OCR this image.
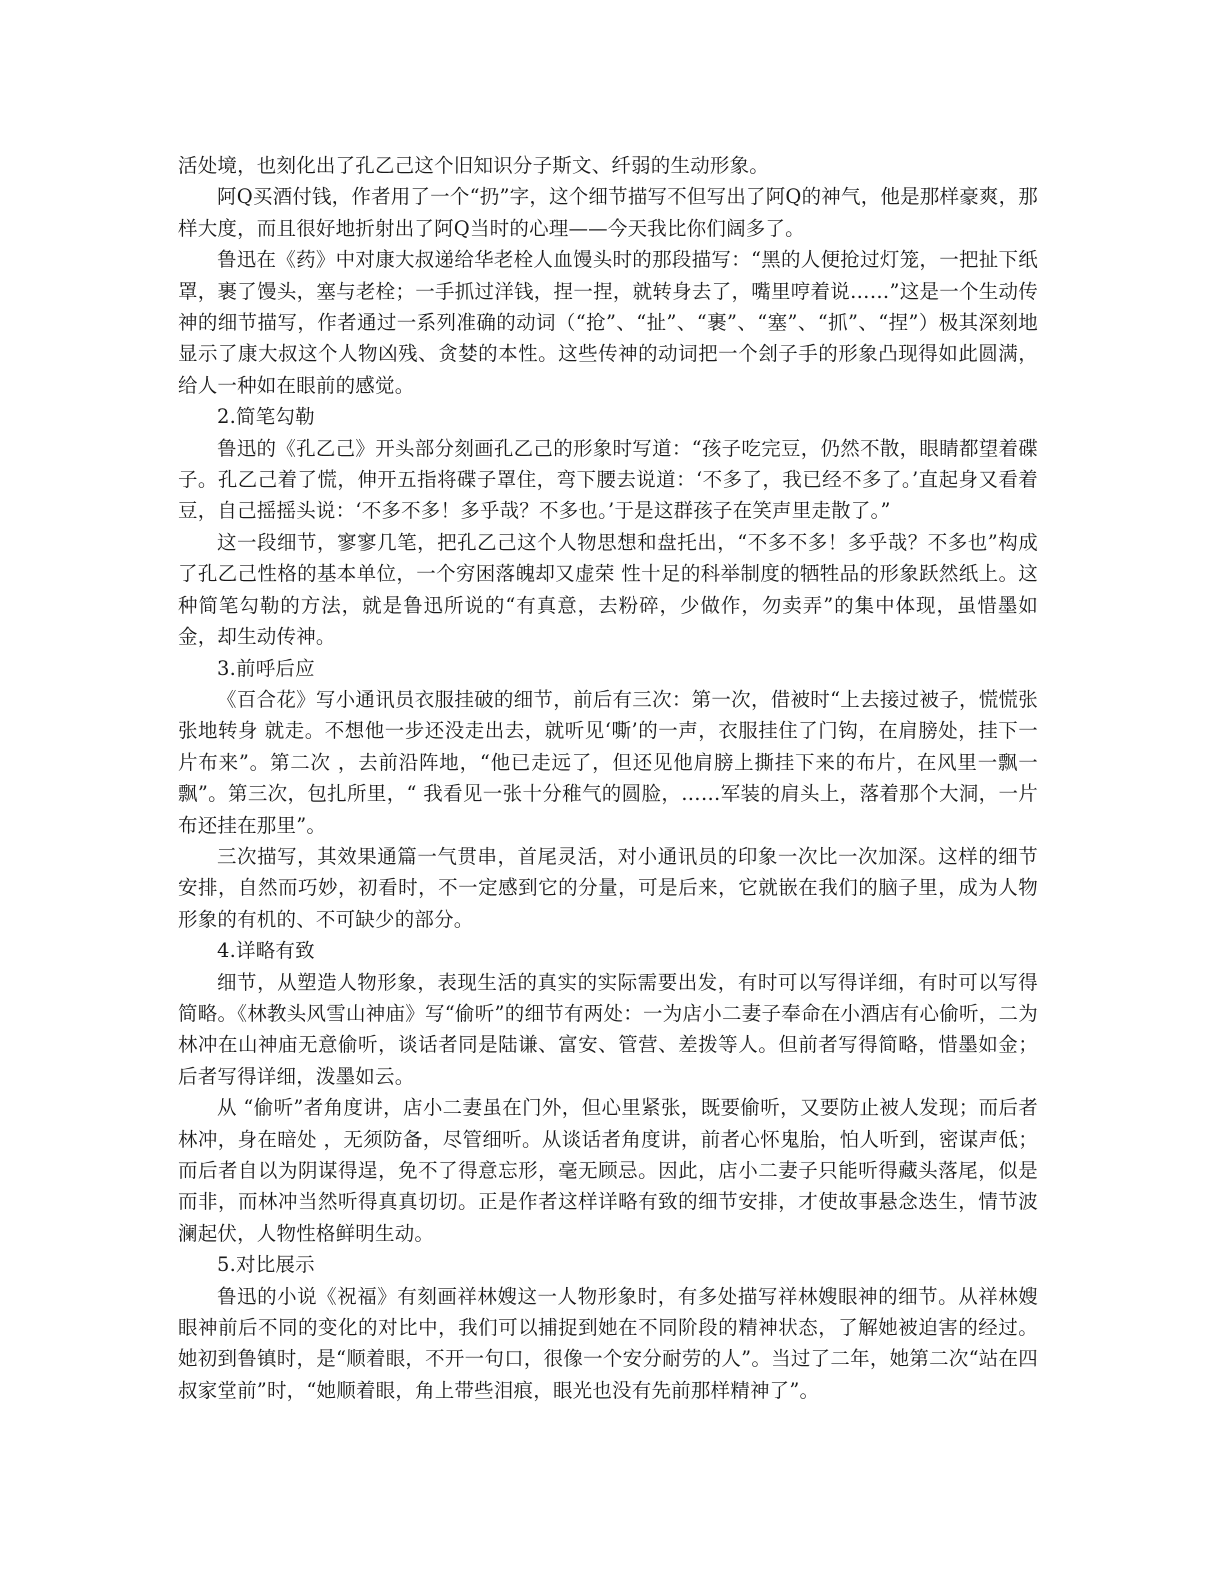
活处境，也刻化出了孔乙己这个旧知识分子斯文、纤弱的生动形象。

阿Q买酒付钱，作者用了一个“扔”字，这个细节描写不但写出了阿Q的神气，他是那样豪爽，那样大度，而且很好地折射出了阿Q当时的心理——今天我比你们阔多了。

鲁迅在《药》中对康大叔递给华老栓人血馒头时的那段描写：“黑的人便抢过灯笼，一把扯下纸罩，裹了馒头，塞与老栓；一手抓过洋钱，捏一捏，就转身去了，嘴里哼着说……”这是一个生动传神的细节描写，作者通过一系列准确的动词（“抢”、“扯”、“裹”、“塞”、“抓”、“捏”）极其深刻地显示了康大叔这个人物凶残、贪婪的本性。这些传神的动词把一个刽子手的形象凸现得如此圆满，给人一种如在眼前的感觉。

2.简笔勾勒

鲁迅的《孔乙己》开头部分刻画孔乙己的形象时写道：“孩子吃完豆，仍然不散，眼睛都望着碟子。孔乙己着了慌，伸开五指将碟子罩住，弯下腰去说道：‘不多了，我已经不多了。’直起身又看着豆，自己摇摇头说：‘不多不多！多乎哉？不多也。’于是这群孩子在笑声里走散了。”

这一段细节，寥寥几笔，把孔乙己这个人物思想和盘托出，“不多不多！多乎哉？不多也”构成了孔乙己性格的基本单位，一个穷困落魄却又虚荣 性十足的科举制度的牺牲品的形象跃然纸上。这种简笔勾勒的方法，就是鲁迅所说的“有真意，去粉碎，少做作，勿卖弄”的集中体现，虽惜墨如金，却生动传神。

3.前呼后应

《百合花》写小通讯员衣服挂破的细节，前后有三次：第一次，借被时“上去接过被子，慌慌张张地转身 就走。不想他一步还没走出去，就听见‘嘶’的一声，衣服挂住了门钩，在肩膀处，挂下一片布来”。第二次 ，去前沿阵地，“他已走远了，但还见他肩膀上撕挂下来的布片，在风里一飘一飘”。第三次，包扎所里，“ 我看见一张十分稚气的圆脸，……军装的肩头上，落着那个大洞，一片布还挂在那里”。

三次描写，其效果通篇一气贯串，首尾灵活，对小通讯员的印象一次比一次加深。这样的细节安排，自然而巧妙，初看时，不一定感到它的分量，可是后来，它就嵌在我们的脑子里，成为人物形象的有机的、不可缺少的部分。

4.详略有致

细节，从塑造人物形象，表现生活的真实的实际需要出发，有时可以写得详细，有时可以写得简略。《林教头风雪山神庙》写“偷听”的细节有两处：一为店小二妻子奉命在小酒店有心偷听，二为林冲在山神庙无意偷听，谈话者同是陆谦、富安、管营、差拨等人。但前者写得简略，惜墨如金；后者写得详细，泼墨如云。

从 “偷听”者角度讲，店小二妻虽在门外，但心里紧张，既要偷听，又要防止被人发现；而后者林冲，身在暗处 ，无须防备，尽管细听。从谈话者角度讲，前者心怀鬼胎，怕人听到，密谋声低；而后者自以为阴谋得逞，免不了得意忘形，毫无顾忌。因此，店小二妻子只能听得藏头落尾，似是而非，而林冲当然听得真真切切。正是作者这样详略有致的细节安排，才使故事悬念迭生，情节波澜起伏，人物性格鲜明生动。

5.对比展示

鲁迅的小说《祝福》有刻画祥林嫂这一人物形象时，有多处描写祥林嫂眼神的细节。从祥林嫂眼神前后不同的变化的对比中，我们可以捕捉到她在不同阶段的精神状态，了解她被迫害的经过。她初到鲁镇时，是“顺着眼，不开一句口，很像一个安分耐劳的人”。当过了二年，她第二次“站在四叔家堂前”时，“她顺着眼，角上带些泪痕，眼光也没有先前那样精神了”。
